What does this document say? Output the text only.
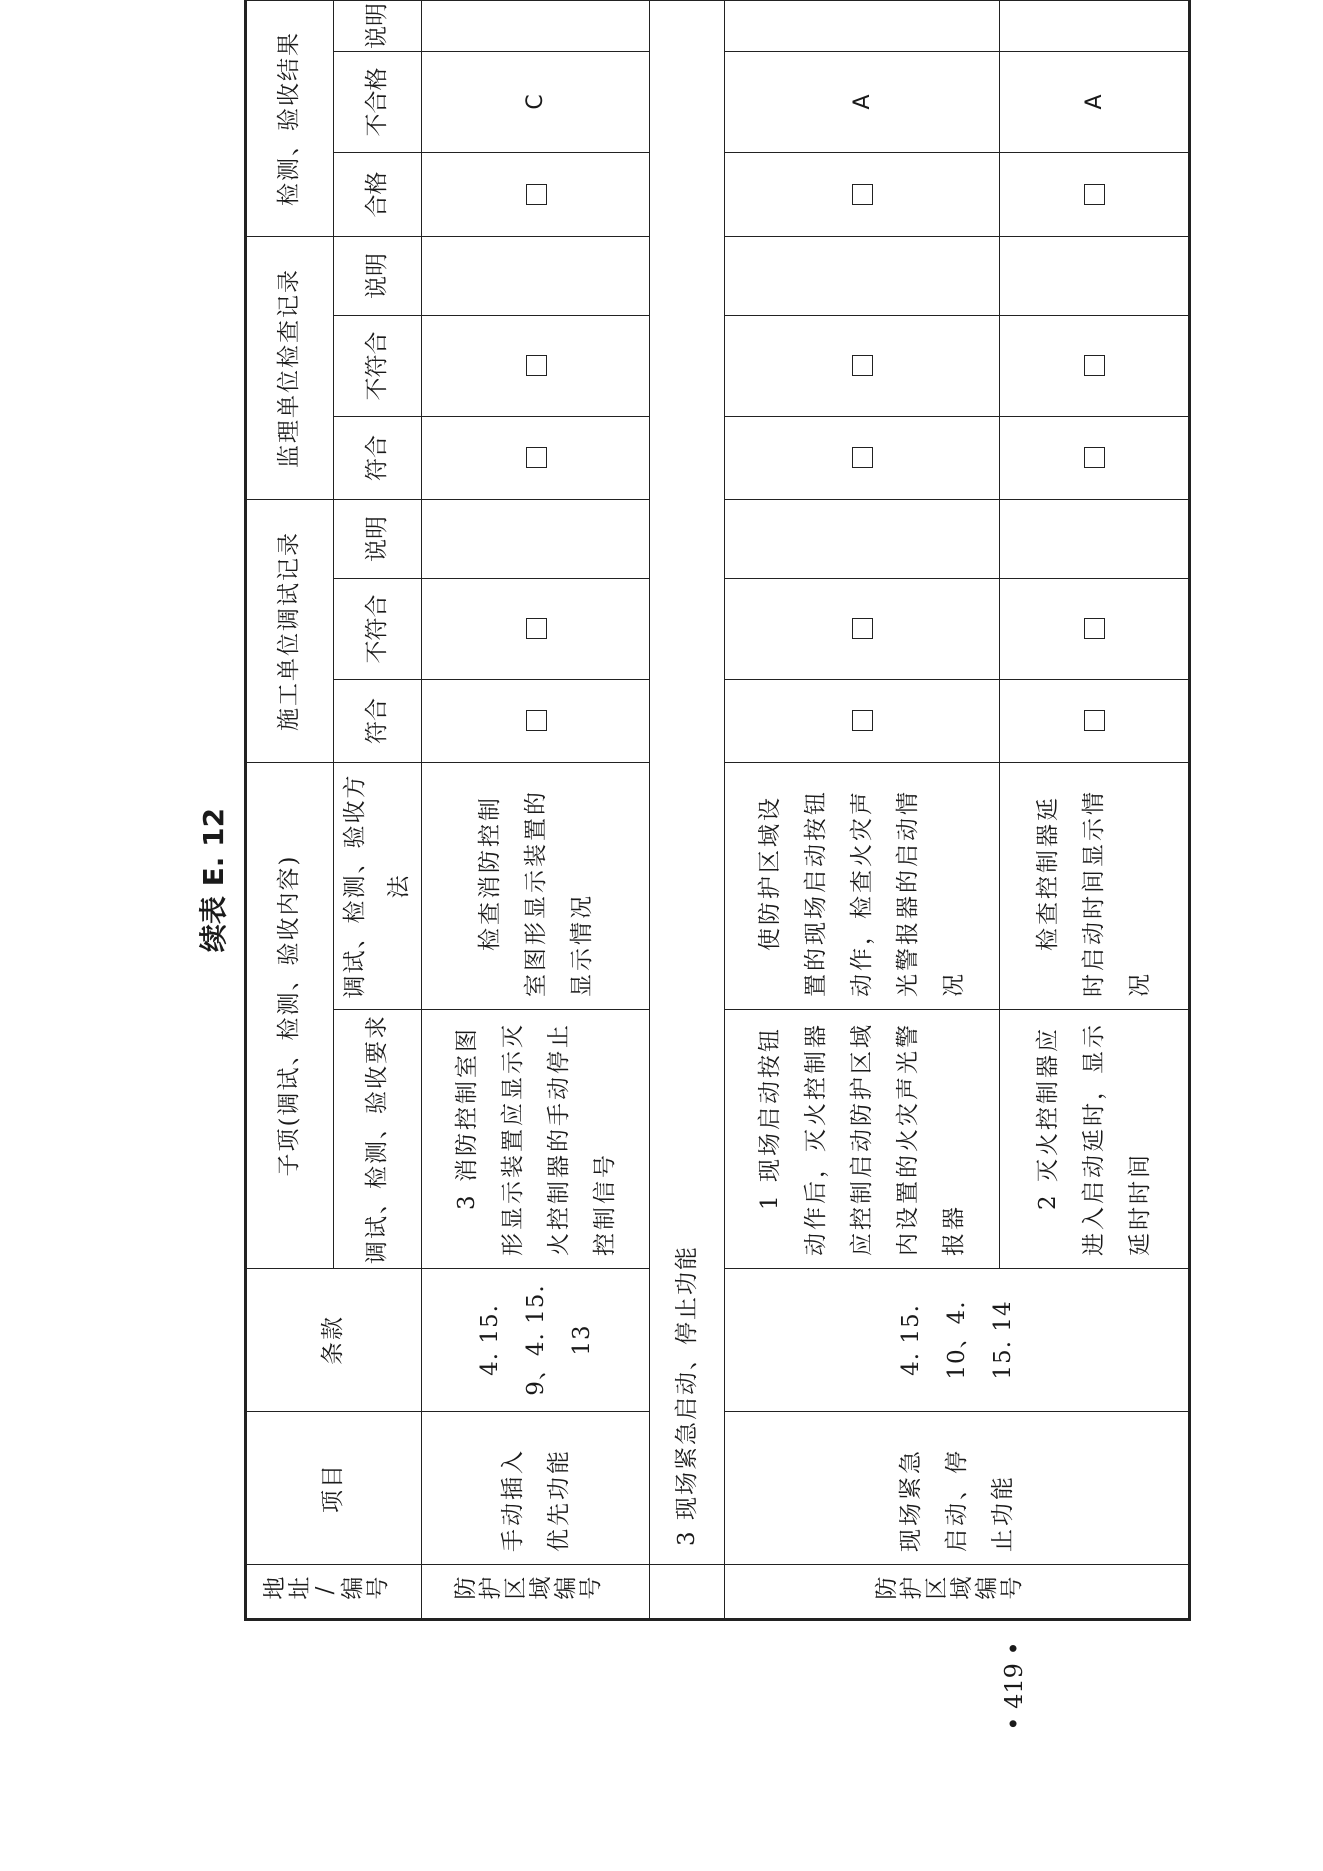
续表 E. 12
• 419 •
地址/编号	项目	条款	子项(调试、检测、验收内容)		施工单位调试记录			监理单位检查记录			检测、验收结果		
			调试、检测、验收要求	调试、检测、验收方法	符合	不符合	说明	符合	不符合	说明	合格	不合格	说明
防护区域编号	手动插入优先功能	4. 15. 9、4. 15. 13	3 消防控制室图形显示装置应显示灭火控制器的手动停止控制信号	检查消防控制室图形显示装置的显示情况								C	
	3 现场紧急启动、停止功能												
防护区域编号	现场紧急启动、停止功能	4. 15. 10、4. 15. 14	1 现场启动按钮动作后，灭火控制器应控制启动防护区域内设置的火灾声光警报器	使防护区域设置的现场启动按钮动作，检查火灾声光警报器的启动情况								A	

			2 灭火控制器应进入启动延时，显示延时时间	检查控制器延时启动时间显示情况								A	
